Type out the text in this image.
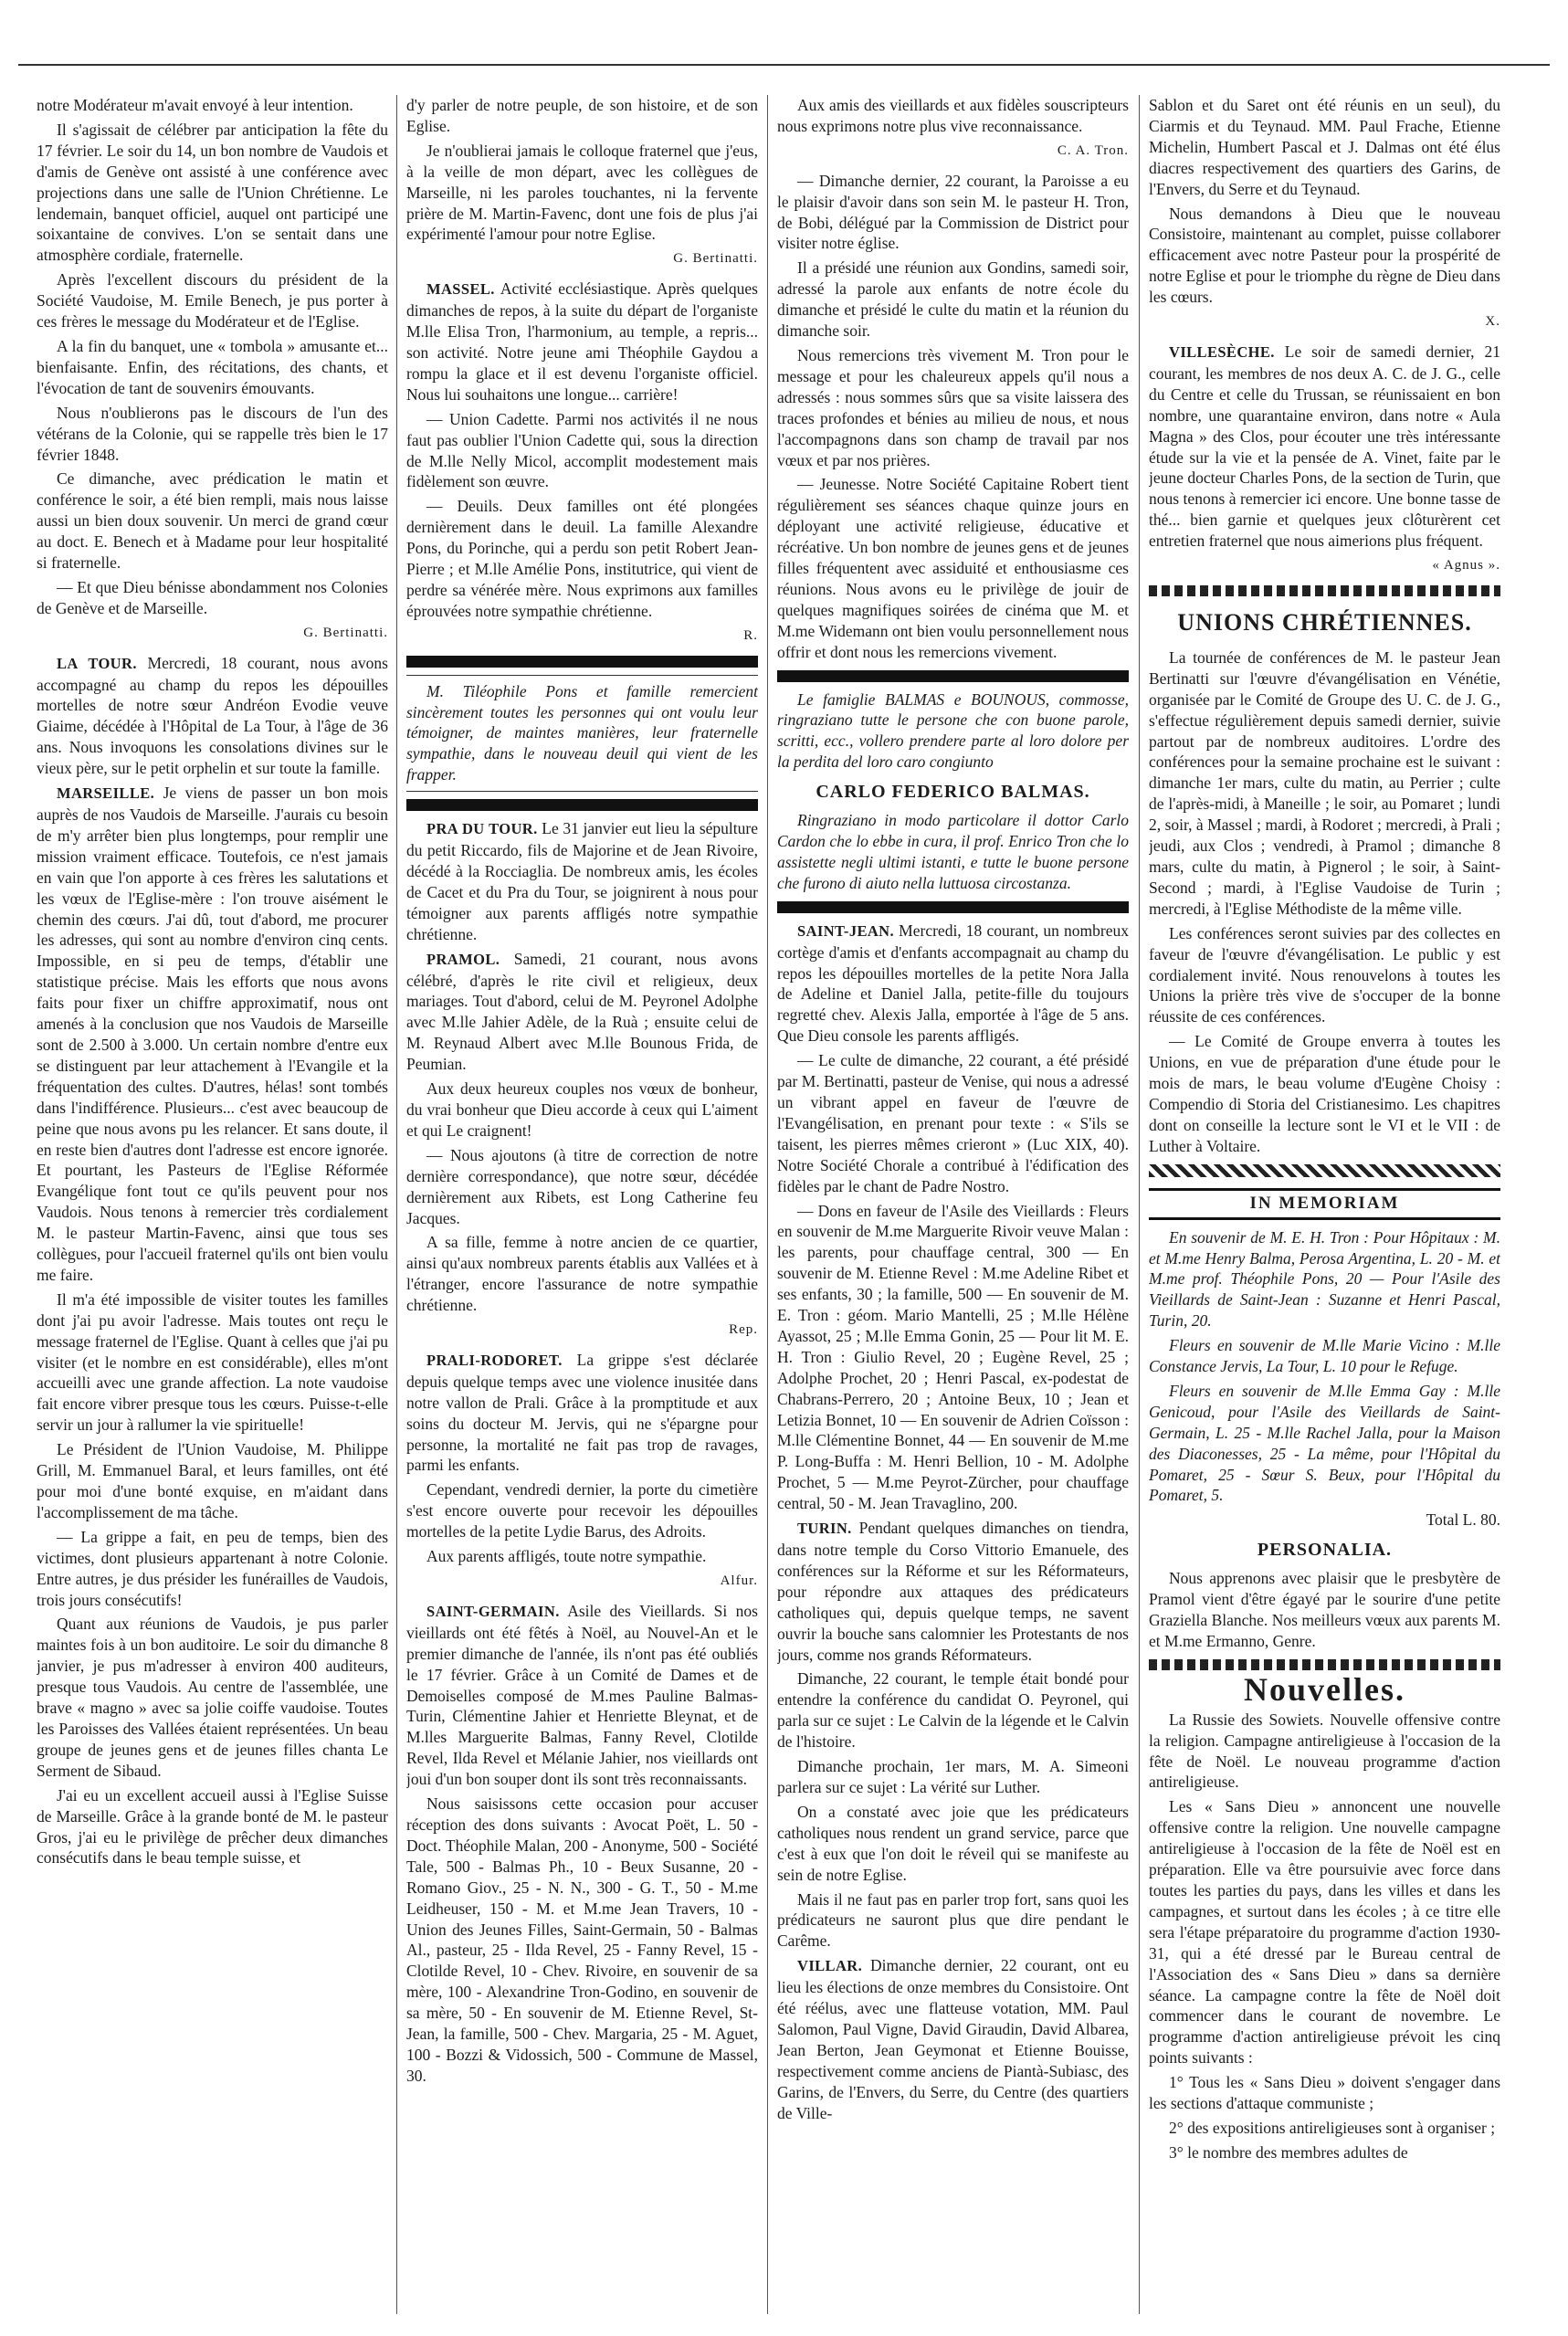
notre Modérateur m'avait envoyé à leur intention.

Il s'agissait de célébrer par anticipation la fête du 17 février. Le soir du 14, un bon nombre de Vaudois et d'amis de Genève ont assisté à une conférence avec projections dans une salle de l'Union Chrétienne. Le lendemain, banquet officiel, auquel ont participé une soixantaine de convives. L'on se sentait dans une atmosphère cordiale, fraternelle.

Après l'excellent discours du président de la Société Vaudoise, M. Emile Benech, je pus porter à ces frères le message du Modérateur et de l'Eglise.

A la fin du banquet, une « tombola » amusante et... bienfaisante. Enfin, des récitations, des chants, et l'évocation de tant de souvenirs émouvants.

Nous n'oublierons pas le discours de l'un des vétérans de la Colonie, qui se rappelle très bien le 17 février 1848.

Ce dimanche, avec prédication le matin et conférence le soir, a été bien rempli, mais nous laisse aussi un bien doux souvenir. Un merci de grand cœur au doct. E. Benech et à Madame pour leur hospitalité si fraternelle.

— Et que Dieu bénisse abondamment nos Colonies de Genève et de Marseille.

G. Bertinatti.

LA TOUR. Mercredi, 18 courant, nous avons accompagné au champ du repos les dépouilles mortelles de notre sœur Andréon Evodie veuve Giaime, décédée à l'Hôpital de La Tour, à l'âge de 36 ans. Nous invoquons les consolations divines sur le vieux père, sur le petit orphelin et sur toute la famille.

MARSEILLE. Je viens de passer un bon mois auprès de nos Vaudois de Marseille. J'aurais cu besoin de m'y arrêter bien plus longtemps, pour remplir une mission vraiment efficace. Toutefois, ce n'est jamais en vain que l'on apporte à ces frères les salutations et les vœux de l'Eglise-mère : l'on trouve aisément le chemin des cœurs. J'ai dû, tout d'abord, me procurer les adresses, qui sont au nombre d'environ cinq cents. Impossible, en si peu de temps, d'établir une statistique précise. Mais les efforts que nous avons faits pour fixer un chiffre approximatif, nous ont amenés à la conclusion que nos Vaudois de Marseille sont de 2.500 à 3.000. Un certain nombre d'entre eux se distinguent par leur attachement à l'Evangile et la fréquentation des cultes. D'autres, hélas! sont tombés dans l'indifférence. Plusieurs... c'est avec beaucoup de peine que nous avons pu les relancer. Et sans doute, il en reste bien d'autres dont l'adresse est encore ignorée. Et pourtant, les Pasteurs de l'Eglise Réformée Evangélique font tout ce qu'ils peuvent pour nos Vaudois. Nous tenons à remercier très cordialement M. le pasteur Martin-Favenc, ainsi que tous ses collègues, pour l'accueil fraternel qu'ils ont bien voulu me faire.

Il m'a été impossible de visiter toutes les familles dont j'ai pu avoir l'adresse. Mais toutes ont reçu le message fraternel de l'Eglise. Quant à celles que j'ai pu visiter (et le nombre en est considérable), elles m'ont accueilli avec une grande affection. La note vaudoise fait encore vibrer presque tous les cœurs. Puisse-t-elle servir un jour à rallumer la vie spirituelle!

Le Président de l'Union Vaudoise, M. Philippe Grill, M. Emmanuel Baral, et leurs familles, ont été pour moi d'une bonté exquise, en m'aidant dans l'accomplissement de ma tâche.

— La grippe a fait, en peu de temps, bien des victimes, dont plusieurs appartenant à notre Colonie. Entre autres, je dus présider les funérailles de Vaudois, trois jours consécutifs!

Quant aux réunions de Vaudois, je pus parler maintes fois à un bon auditoire. Le soir du dimanche 8 janvier, je pus m'adresser à environ 400 auditeurs, presque tous Vaudois. Au centre de l'assemblée, une brave « magno » avec sa jolie coiffe vaudoise. Toutes les Paroisses des Vallées étaient représentées. Un beau groupe de jeunes gens et de jeunes filles chanta Le Serment de Sibaud.

J'ai eu un excellent accueil aussi à l'Eglise Suisse de Marseille. Grâce à la grande bonté de M. le pasteur Gros, j'ai eu le privilège de prêcher deux dimanches consécutifs dans le beau temple suisse, et

d'y parler de notre peuple, de son histoire, et de son Eglise.

Je n'oublierai jamais le colloque fraternel que j'eus, à la veille de mon départ, avec les collègues de Marseille, ni les paroles touchantes, ni la fervente prière de M. Martin-Favenc, dont une fois de plus j'ai expérimenté l'amour pour notre Eglise.

G. Bertinatti.

MASSEL. Activité ecclésiastique. Après quelques dimanches de repos, à la suite du départ de l'organiste M.lle Elisa Tron, l'harmonium, au temple, a repris... son activité. Notre jeune ami Théophile Gaydou a rompu la glace et il est devenu l'organiste officiel. Nous lui souhaitons une longue... carrière!

— Union Cadette. Parmi nos activités il ne nous faut pas oublier l'Union Cadette qui, sous la direction de M.lle Nelly Micol, accomplit modestement mais fidèlement son œuvre.

— Deuils. Deux familles ont été plongées dernièrement dans le deuil. La famille Alexandre Pons, du Porinche, qui a perdu son petit Robert Jean-Pierre ; et M.lle Amélie Pons, institutrice, qui vient de perdre sa vénérée mère. Nous exprimons aux familles éprouvées notre sympathie chrétienne.

R.

M. Tiléophile Pons et famille remercient sincèrement toutes les personnes qui ont voulu leur témoigner, de maintes manières, leur fraternelle sympathie, dans le nouveau deuil qui vient de les frapper.

PRA DU TOUR. Le 31 janvier eut lieu la sépulture du petit Riccardo, fils de Majorine et de Jean Rivoire, décédé à la Rocciaglia. De nombreux amis, les écoles de Cacet et du Pra du Tour, se joignirent à nous pour témoigner aux parents affligés notre sympathie chrétienne.

PRAMOL. Samedi, 21 courant, nous avons célébré, d'après le rite civil et religieux, deux mariages. Tout d'abord, celui de M. Peyronel Adolphe avec M.lle Jahier Adèle, de la Ruà ; ensuite celui de M. Reynaud Albert avec M.lle Bounous Frida, de Peumian.

Aux deux heureux couples nos vœux de bonheur, du vrai bonheur que Dieu accorde à ceux qui L'aiment et qui Le craignent!

— Nous ajoutons (à titre de correction de notre dernière correspondance), que notre sœur, décédée dernièrement aux Ribets, est Long Catherine feu Jacques.

A sa fille, femme à notre ancien de ce quartier, ainsi qu'aux nombreux parents établis aux Vallées et à l'étranger, encore l'assurance de notre sympathie chrétienne.

Rep.

PRALI-RODORET. La grippe s'est déclarée depuis quelque temps avec une violence inusitée dans notre vallon de Prali. Grâce à la promptitude et aux soins du docteur M. Jervis, qui ne s'épargne pour personne, la mortalité ne fait pas trop de ravages, parmi les enfants.

Cependant, vendredi dernier, la porte du cimetière s'est encore ouverte pour recevoir les dépouilles mortelles de la petite Lydie Barus, des Adroits.

Aux parents affligés, toute notre sympathie.

Alfur.

SAINT-GERMAIN. Asile des Vieillards. Si nos vieillards ont été fêtés à Noël, au Nouvel-An et le premier dimanche de l'année, ils n'ont pas été oubliés le 17 février. Grâce à un Comité de Dames et de Demoiselles composé de M.mes Pauline Balmas-Turin, Clémentine Jahier et Henriette Bleynat, et de M.lles Marguerite Balmas, Fanny Revel, Clotilde Revel, Ilda Revel et Mélanie Jahier, nos vieillards ont joui d'un bon souper dont ils sont très reconnaissants.

Nous saisissons cette occasion pour accuser réception des dons suivants : Avocat Poët, L. 50 - Doct. Théophile Malan, 200 - Anonyme, 500 - Société Tale, 500 - Balmas Ph., 10 - Beux Susanne, 20 - Romano Giov., 25 - N. N., 300 - G. T., 50 - M.me Leidheuser, 150 - M. et M.me Jean Travers, 10 - Union des Jeunes Filles, Saint-Germain, 50 - Balmas Al., pasteur, 25 - Ilda Revel, 25 - Fanny Revel, 15 - Clotilde Revel, 10 - Chev. Rivoire, en souvenir de sa mère, 100 - Alexandrine Tron-Godino, en souvenir de sa mère, 50 - En souvenir de M. Etienne Revel, St-Jean, la famille, 500 - Chev. Margaria, 25 - M. Aguet, 100 - Bozzi & Vidossich, 500 - Commune de Massel, 30.

Aux amis des vieillards et aux fidèles souscripteurs nous exprimons notre plus vive reconnaissance.

C. A. Tron.

— Dimanche dernier, 22 courant, la Paroisse a eu le plaisir d'avoir dans son sein M. le pasteur H. Tron, de Bobi, délégué par la Commission de District pour visiter notre église.

Il a présidé une réunion aux Gondins, samedi soir, adressé la parole aux enfants de notre école du dimanche et présidé le culte du matin et la réunion du dimanche soir.

Nous remercions très vivement M. Tron pour le message et pour les chaleureux appels qu'il nous a adressés : nous sommes sûrs que sa visite laissera des traces profondes et bénies au milieu de nous, et nous l'accompagnons dans son champ de travail par nos vœux et par nos prières.

— Jeunesse. Notre Société Capitaine Robert tient régulièrement ses séances chaque quinze jours en déployant une activité religieuse, éducative et récréative. Un bon nombre de jeunes gens et de jeunes filles fréquentent avec assiduité et enthousiasme ces réunions. Nous avons eu le privilège de jouir de quelques magnifiques soirées de cinéma que M. et M.me Widemann ont bien voulu personnellement nous offrir et dont nous les remercions vivement.

Le famiglie BALMAS e BOUNOUS, commosse, ringraziano tutte le persone che con buone parole, scritti, ecc., vollero prendere parte al loro dolore per la perdita del loro caro congiunto

CARLO FEDERICO BALMAS.

Ringraziano in modo particolare il dottor Carlo Cardon che lo ebbe in cura, il prof. Enrico Tron che lo assistette negli ultimi istanti, e tutte le buone persone che furono di aiuto nella luttuosa circostanza.

SAINT-JEAN. Mercredi, 18 courant, un nombreux cortège d'amis et d'enfants accompagnait au champ du repos les dépouilles mortelles de la petite Nora Jalla de Adeline et Daniel Jalla, petite-fille du toujours regretté chev. Alexis Jalla, emportée à l'âge de 5 ans. Que Dieu console les parents affligés.

— Le culte de dimanche, 22 courant, a été présidé par M. Bertinatti, pasteur de Venise, qui nous a adressé un vibrant appel en faveur de l'œuvre de l'Evangélisation, en prenant pour texte : « S'ils se taisent, les pierres mêmes crieront » (Luc XIX, 40). Notre Société Chorale a contribué à l'édification des fidèles par le chant de Padre Nostro.

— Dons en faveur de l'Asile des Vieillards : Fleurs en souvenir de M.me Marguerite Rivoir veuve Malan : les parents, pour chauffage central, 300 — En souvenir de M. Etienne Revel : M.me Adeline Ribet et ses enfants, 30 ; la famille, 500 — En souvenir de M. E. Tron : géom. Mario Mantelli, 25 ; M.lle Hélène Ayassot, 25 ; M.lle Emma Gonin, 25 — Pour lit M. E. H. Tron : Giulio Revel, 20 ; Eugène Revel, 25 ; Adolphe Prochet, 20 ; Henri Pascal, ex-podestat de Chabrans-Perrero, 20 ; Antoine Beux, 10 ; Jean et Letizia Bonnet, 10 — En souvenir de Adrien Coïsson : M.lle Clémentine Bonnet, 44 — En souvenir de M.me P. Long-Buffa : M. Henri Bellion, 10 - M. Adolphe Prochet, 5 — M.me Peyrot-Zürcher, pour chauffage central, 50 - M. Jean Travaglino, 200.

TURIN. Pendant quelques dimanches on tiendra, dans notre temple du Corso Vittorio Emanuele, des conférences sur la Réforme et sur les Réformateurs, pour répondre aux attaques des prédicateurs catholiques qui, depuis quelque temps, ne savent ouvrir la bouche sans calomnier les Protestants de nos jours, comme nos grands Réformateurs.

Dimanche, 22 courant, le temple était bondé pour entendre la conférence du candidat O. Peyronel, qui parla sur ce sujet : Le Calvin de la légende et le Calvin de l'histoire.

Dimanche prochain, 1er mars, M. A. Simeoni parlera sur ce sujet : La vérité sur Luther.

On a constaté avec joie que les prédicateurs catholiques nous rendent un grand service, parce que c'est à eux que l'on doit le réveil qui se manifeste au sein de notre Eglise.

Mais il ne faut pas en parler trop fort, sans quoi les prédicateurs ne sauront plus que dire pendant le Carême.

VILLAR. Dimanche dernier, 22 courant, ont eu lieu les élections de onze membres du Consistoire. Ont été réélus, avec une flatteuse votation, MM. Paul Salomon, Paul Vigne, David Giraudin, David Albarea, Jean Berton, Jean Geymonat et Etienne Bouisse, respectivement comme anciens de Piantà-Subiasc, des Garins, de l'Envers, du Serre, du Centre (des quartiers de Ville-

Sablon et du Saret ont été réunis en un seul), du Ciarmis et du Teynaud. MM. Paul Frache, Etienne Michelin, Humbert Pascal et J. Dalmas ont été élus diacres respectivement des quartiers des Garins, de l'Envers, du Serre et du Teynaud.

Nous demandons à Dieu que le nouveau Consistoire, maintenant au complet, puisse collaborer efficacement avec notre Pasteur pour la prospérité de notre Eglise et pour le triomphe du règne de Dieu dans les cœurs.

X.

VILLESÈCHE. Le soir de samedi dernier, 21 courant, les membres de nos deux A. C. de J. G., celle du Centre et celle du Trussan, se réunissaient en bon nombre, une quarantaine environ, dans notre « Aula Magna » des Clos, pour écouter une très intéressante étude sur la vie et la pensée de A. Vinet, faite par le jeune docteur Charles Pons, de la section de Turin, que nous tenons à remercier ici encore. Une bonne tasse de thé... bien garnie et quelques jeux clôturèrent cet entretien fraternel que nous aimerions plus fréquent.

« Agnus ».

UNIONS CHRÉTIENNES.

La tournée de conférences de M. le pasteur Jean Bertinatti sur l'œuvre d'évangélisation en Vénétie, organisée par le Comité de Groupe des U. C. de J. G., s'effectue régulièrement depuis samedi dernier, suivie partout par de nombreux auditoires. L'ordre des conférences pour la semaine prochaine est le suivant : dimanche 1er mars, culte du matin, au Perrier ; culte de l'après-midi, à Maneille ; le soir, au Pomaret ; lundi 2, soir, à Massel ; mardi, à Rodoret ; mercredi, à Prali ; jeudi, aux Clos ; vendredi, à Pramol ; dimanche 8 mars, culte du matin, à Pignerol ; le soir, à Saint-Second ; mardi, à l'Eglise Vaudoise de Turin ; mercredi, à l'Eglise Méthodiste de la même ville.

Les conférences seront suivies par des collectes en faveur de l'œuvre d'évangélisation. Le public y est cordialement invité. Nous renouvelons à toutes les Unions la prière très vive de s'occuper de la bonne réussite de ces conférences.

— Le Comité de Groupe enverra à toutes les Unions, en vue de préparation d'une étude pour le mois de mars, le beau volume d'Eugène Choisy : Compendio di Storia del Cristianesimo. Les chapitres dont on conseille la lecture sont le VI et le VII : de Luther à Voltaire.

IN MEMORIAM

En souvenir de M. E. H. Tron : Pour Hôpitaux : M. et M.me Henry Balma, Perosa Argentina, L. 20 - M. et M.me prof. Théophile Pons, 20 — Pour l'Asile des Vieillards de Saint-Jean : Suzanne et Henri Pascal, Turin, 20.

Fleurs en souvenir de M.lle Marie Vicino : M.lle Constance Jervis, La Tour, L. 10 pour le Refuge.

Fleurs en souvenir de M.lle Emma Gay : M.lle Genicoud, pour l'Asile des Vieillards de Saint-Germain, L. 25 - M.lle Rachel Jalla, pour la Maison des Diaconesses, 25 - La même, pour l'Hôpital du Pomaret, 25 - Sœur S. Beux, pour l'Hôpital du Pomaret, 5.

Total L. 80.

PERSONALIA.

Nous apprenons avec plaisir que le presbytère de Pramol vient d'être égayé par le sourire d'une petite Graziella Blanche. Nos meilleurs vœux aux parents M. et M.me Ermanno, Genre.

Nouvelles.

La Russie des Sowiets. Nouvelle offensive contre la religion. Campagne antireligieuse à l'occasion de la fête de Noël. Le nouveau programme d'action antireligieuse.

Les « Sans Dieu » annoncent une nouvelle offensive contre la religion. Une nouvelle campagne antireligieuse à l'occasion de la fête de Noël est en préparation. Elle va être poursuivie avec force dans toutes les parties du pays, dans les villes et dans les campagnes, et surtout dans les écoles ; à ce titre elle sera l'étape préparatoire du programme d'action 1930-31, qui a été dressé par le Bureau central de l'Association des « Sans Dieu » dans sa dernière séance. La campagne contre la fête de Noël doit commencer dans le courant de novembre. Le programme d'action antireligieuse prévoit les cinq points suivants :

1° Tous les « Sans Dieu » doivent s'engager dans les sections d'attaque communiste ;

2° des expositions antireligieuses sont à organiser ;

3° le nombre des membres adultes de
